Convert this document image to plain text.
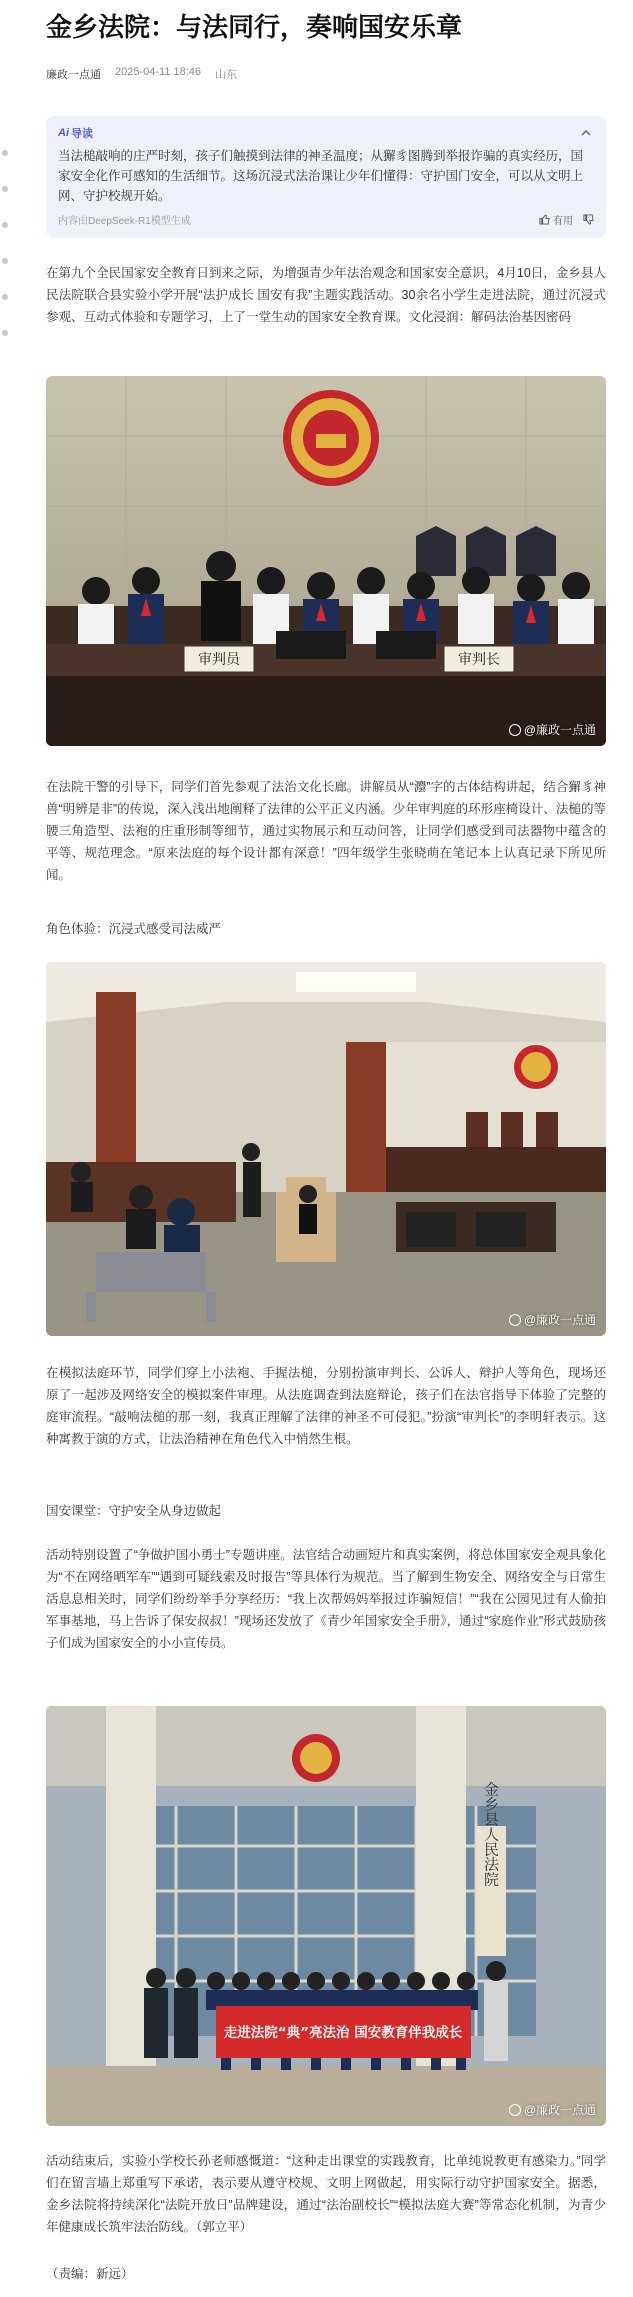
金乡法院：与法同行，奏响国安乐章
廉政一点通 2025-04-11 18:46 山东
Ai 导读

当法槌敲响的庄严时刻，孩子们触摸到法律的神圣温度；从獬豸图腾到举报诈骗的真实经历，国家安全化作可感知的生活细节。这场沉浸式法治课让少年们懂得：守护国门安全，可以从文明上网、守护校规开始。

内容由DeepSeek-R1模型生成	有用

在第九个全民国家安全教育日到来之际，为增强青少年法治观念和国家安全意识，4月10日，金乡县人民法院联合县实验小学开展“法护成长 国安有我”主题实践活动。30余名小学生走进法院，通过沉浸式参观、互动式体验和专题学习，上了一堂生动的国家安全教育课。文化浸润：解码法治基因密码

审判员	审判长
@廉政一点通

在法院干警的引导下，同学们首先参观了法治文化长廊。讲解员从“灋”字的古体结构讲起，结合獬豸神兽“明辨是非”的传说，深入浅出地阐释了法律的公平正义内涵。少年审判庭的环形座椅设计、法槌的等腰三角造型、法袍的庄重形制等细节，通过实物展示和互动问答，让同学们感受到司法器物中蕴含的平等、规范理念。“原来法庭的每个设计都有深意！”四年级学生张晓萌在笔记本上认真记录下所见所闻。

角色体验：沉浸式感受司法威严

@廉政一点通

在模拟法庭环节，同学们穿上小法袍、手握法槌，分别扮演审判长、公诉人、辩护人等角色，现场还原了一起涉及网络安全的模拟案件审理。从法庭调查到法庭辩论，孩子们在法官指导下体验了完整的庭审流程。“敲响法槌的那一刻，我真正理解了法律的神圣不可侵犯。”扮演“审判长”的李明轩表示。这种寓教于演的方式，让法治精神在角色代入中悄然生根。

国安课堂：守护安全从身边做起

活动特别设置了“争做护国小勇士”专题讲座。法官结合动画短片和真实案例，将总体国家安全观具象化为“不在网络晒军车”“遇到可疑线索及时报告”等具体行为规范。当了解到生物安全、网络安全与日常生活息息相关时，同学们纷纷举手分享经历：“我上次帮妈妈举报过诈骗短信！”“我在公园见过有人偷拍军事基地，马上告诉了保安叔叔！”现场还发放了《青少年国家安全手册》，通过“家庭作业”形式鼓励孩子们成为国家安全的小小宣传员。

金乡县人民法院
走进法院“典”亮法治 国安教育伴我成长
@廉政一点通

活动结束后，实验小学校长孙老师感慨道：“这种走出课堂的实践教育，比单纯说教更有感染力。”同学们在留言墙上郑重写下承诺，表示要从遵守校规、文明上网做起，用实际行动守护国家安全。据悉，金乡法院将持续深化“法院开放日”品牌建设，通过“法治副校长”“模拟法庭大赛”等常态化机制，为青少年健康成长筑牢法治防线。（郭立平）

（责编：新远）
